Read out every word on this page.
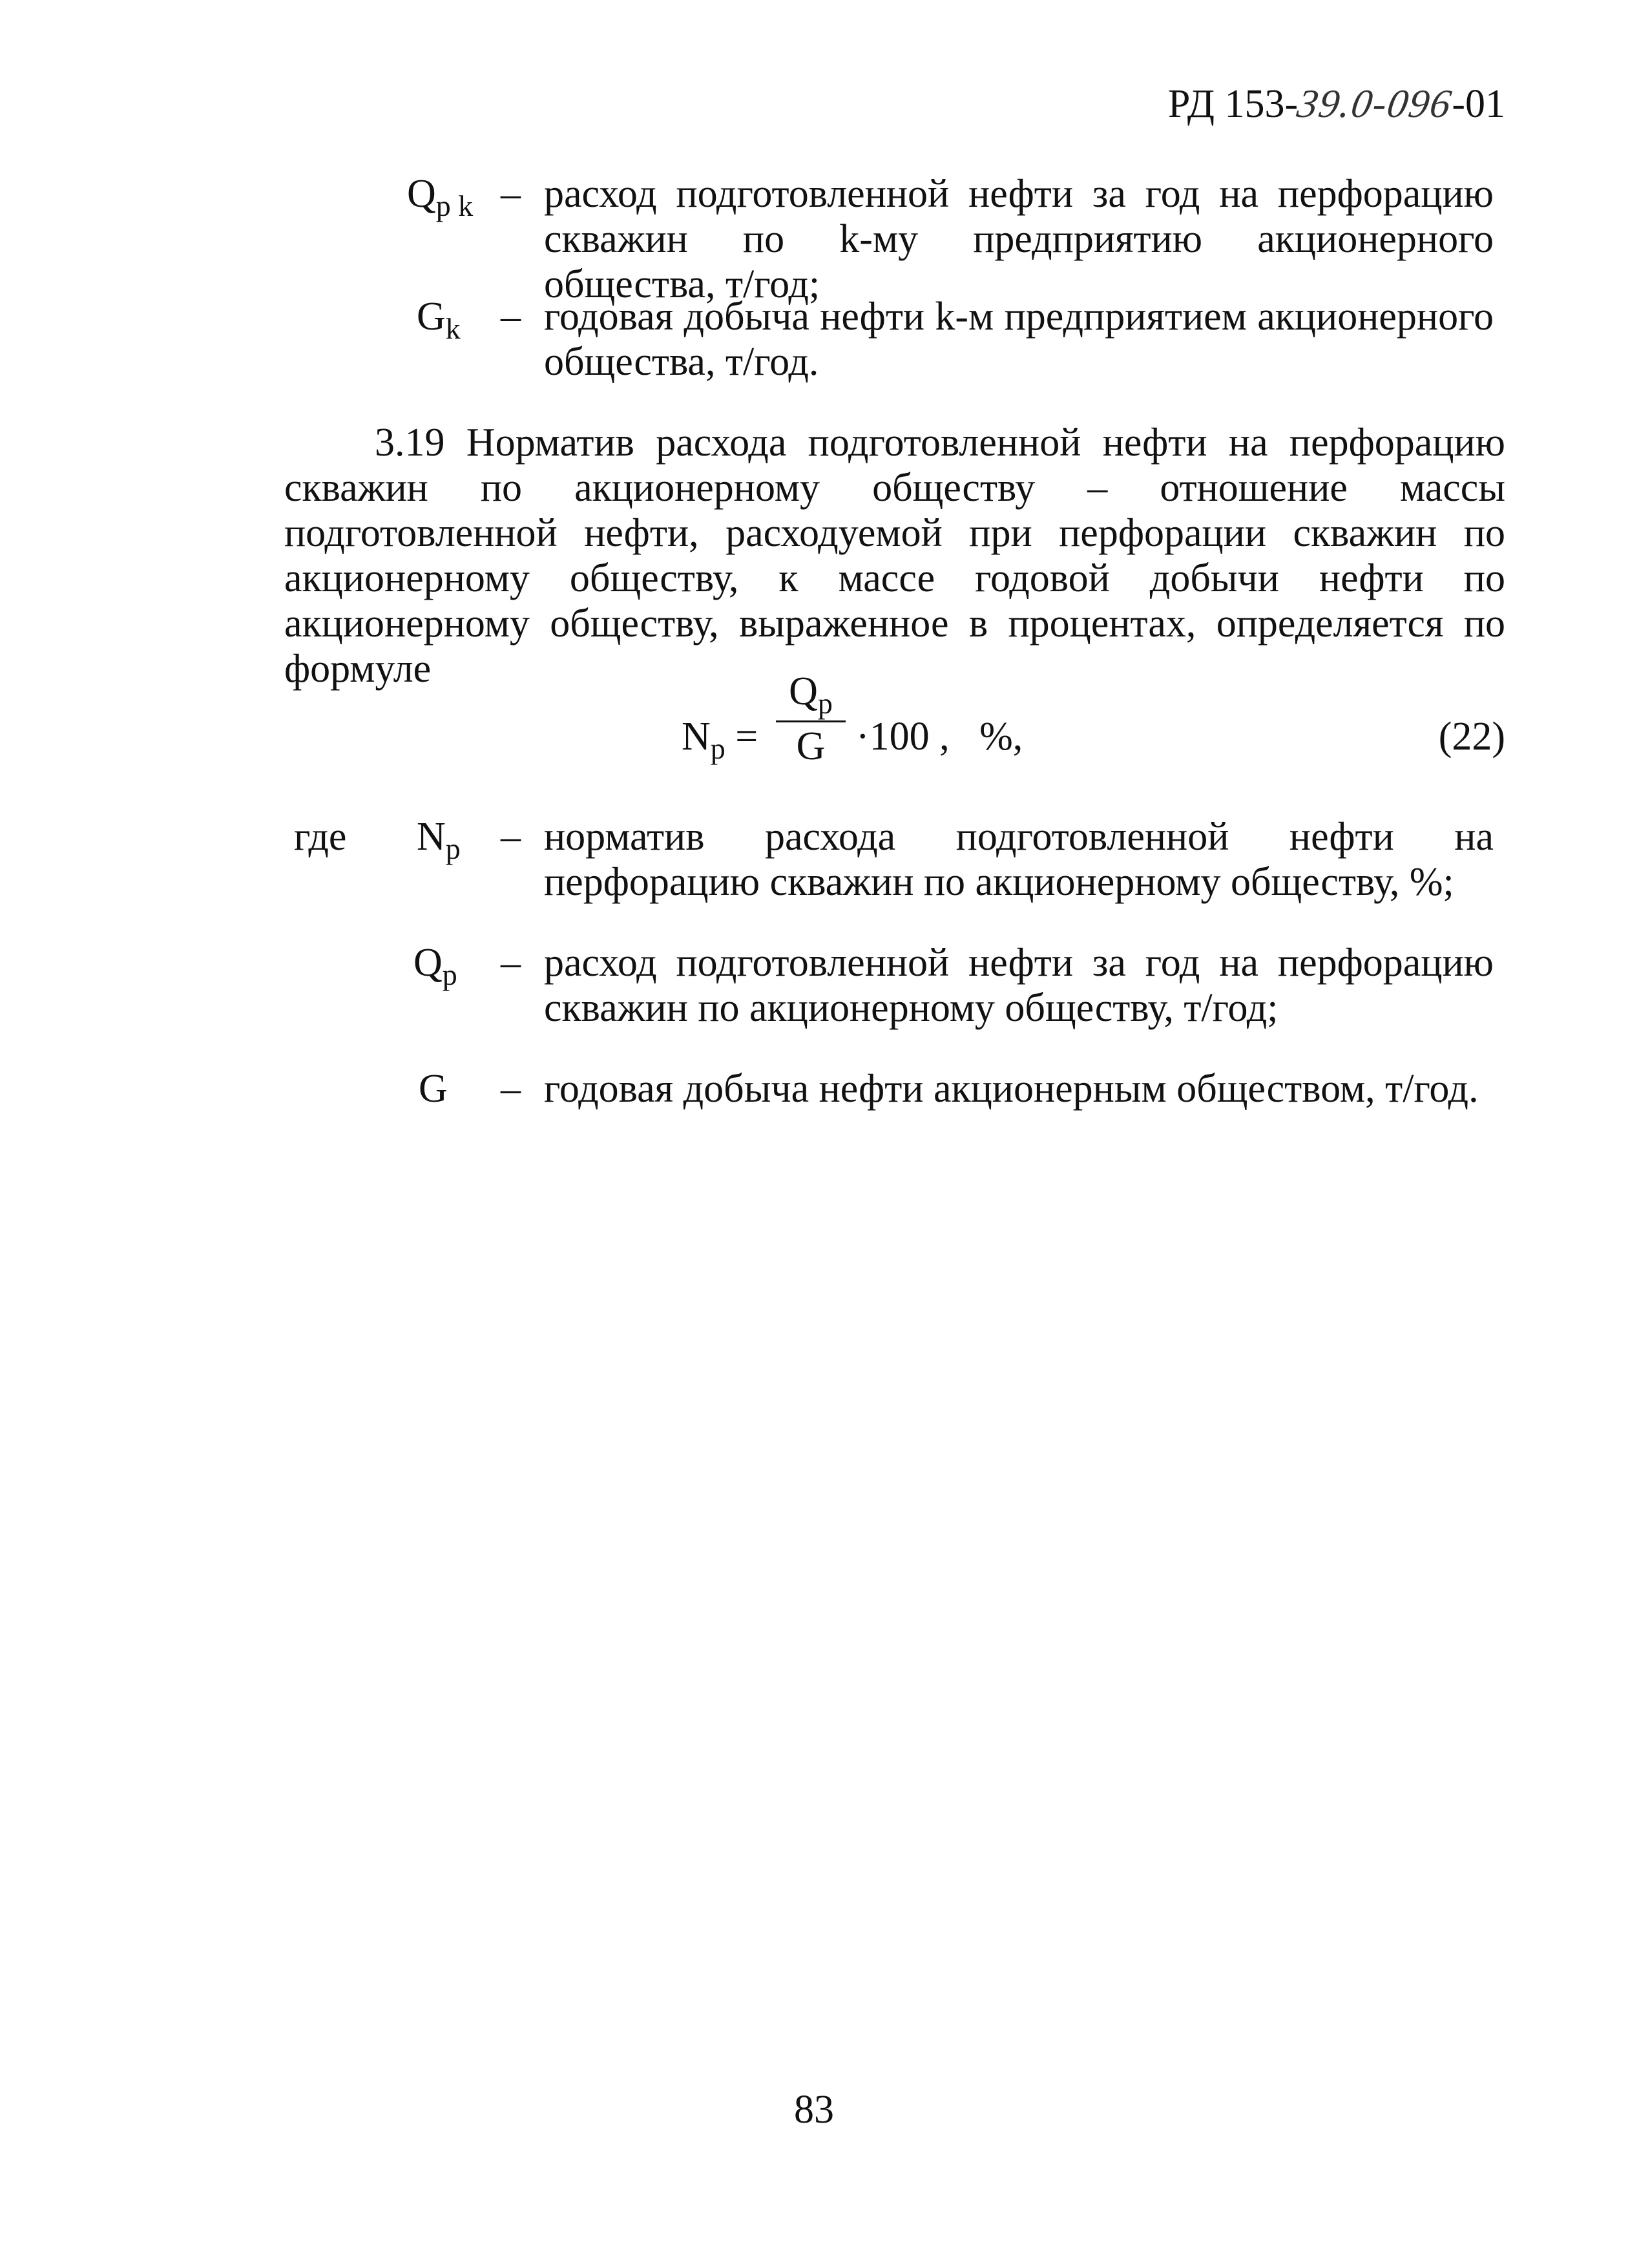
РД 153-39.0-096-01
$Q_{p k}$ – расход подготовленной нефти за год на перфорацию скважин по k-му предприятию акционерного общества, т/год;
$G_k$ – годовая добыча нефти k-м предприятием акционерного общества, т/год.
3.19 Норматив расхода подготовленной нефти на перфорацию скважин по акционерному обществу – отношение массы подготовленной нефти, расходуемой при перфорации скважин по акционерному обществу, к массе годовой добычи нефти по акционерному обществу, выраженное в процентах, определяется по формуле
$N_p$ =
$Q_p$
G ·100 , %,	(22)
где $N_p$ – норматив расхода подготовленной нефти на перфорацию скважин по акционерному обществу, %;
$Q_p$ – расход подготовленной нефти за год на перфорацию скважин по акционерному обществу, т/год;
G – годовая добыча нефти акционерным обществом, т/год.
83
